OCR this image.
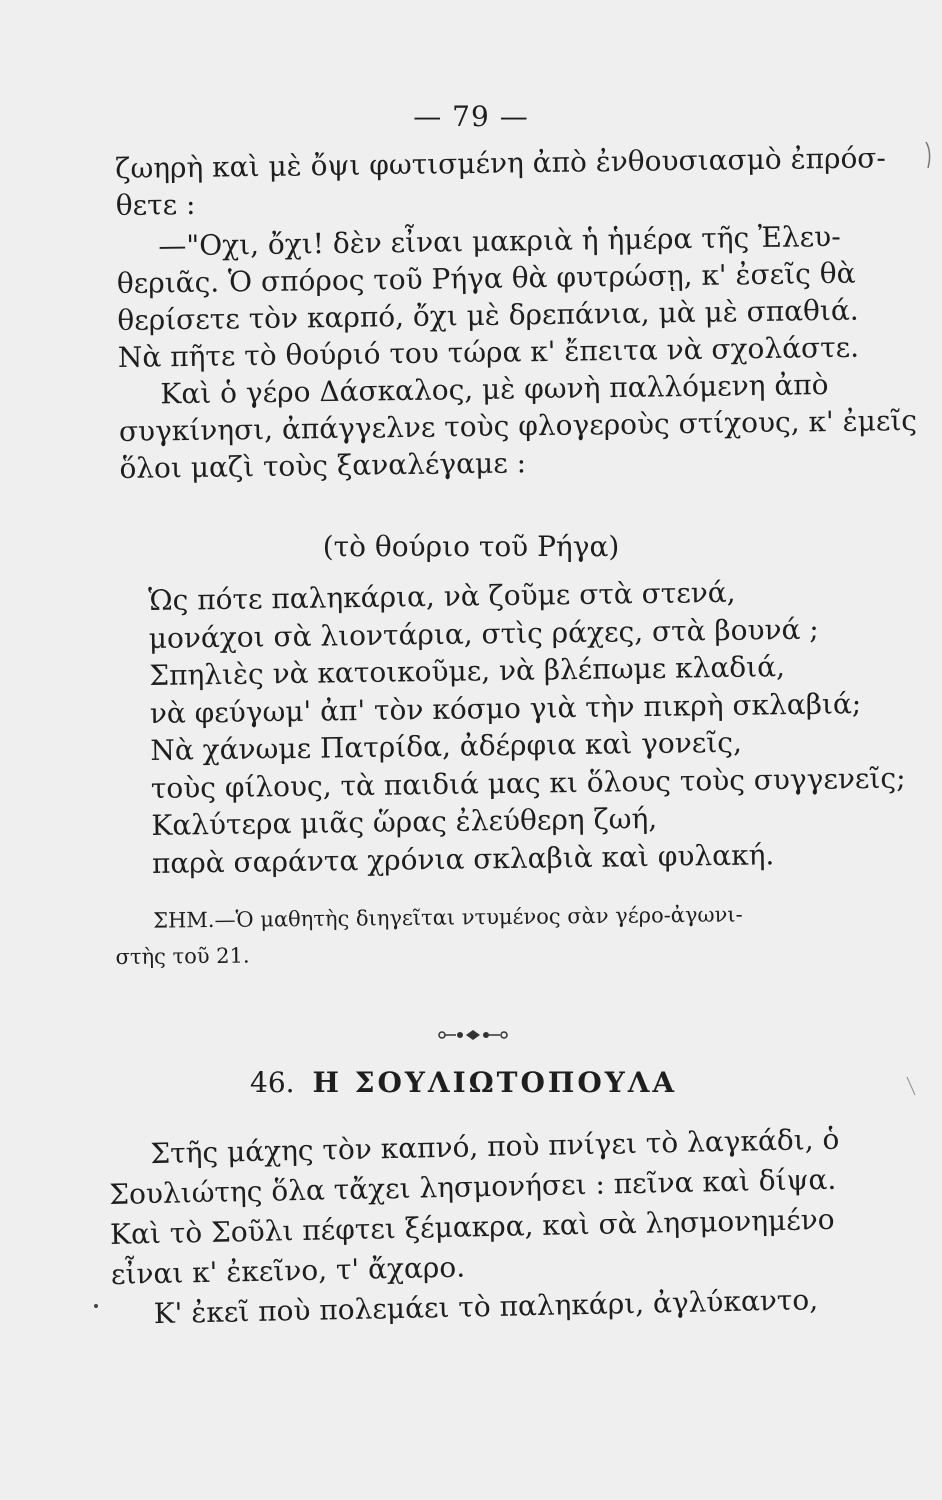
— 79 —
ζωηρὴ καὶ μὲ ὄψι φωτισμένη ἀπὸ ἐνθουσιασμὸ ἐπρόσ-
θετε :
—"Οχι, ὄχι! δὲν εἶναι μακριὰ ἡ ἡμέρα τῆς Ἐλευ-
θεριᾶς. Ὁ σπόρος τοῦ Ρήγα θὰ φυτρώσῃ, κ' ἐσεῖς θὰ
θερίσετε τὸν καρπό, ὄχι μὲ δρεπάνια, μὰ μὲ σπαθιά.
Νὰ πῆτε τὸ θούριό του τώρα κ' ἔπειτα νὰ σχολάστε.
Καὶ ὁ γέρο Δάσκαλος, μὲ φωνὴ παλλόμενη ἀπὸ
συγκίνησι, ἀπάγγελνε τοὺς φλογεροὺς στίχους, κ' ἐμεῖς
ὅλοι μαζὶ τοὺς ξαναλέγαμε :
(τὸ θούριο τοῦ Ρήγα)
Ὡς πότε παληκάρια, νὰ ζοῦμε στὰ στενά,
μονάχοι σὰ λιοντάρια, στὶς ράχες, στὰ βουνά ;
Σπηλιὲς νὰ κατοικοῦμε, νὰ βλέπωμε κλαδιά,
νὰ φεύγωμ' ἀπ' τὸν κόσμο γιὰ τὴν πικρὴ σκλαβιά;
Νὰ χάνωμε Πατρίδα, ἀδέρφια καὶ γονεῖς,
τοὺς φίλους, τὰ παιδιά μας κι ὅλους τοὺς συγγενεῖς;
Καλύτερα μιᾶς ὥρας ἐλεύθερη ζωή,
παρὰ σαράντα χρόνια σκλαβιὰ καὶ φυλακή.
ΣΗΜ.—Ὁ μαθητὴς διηγεῖται ντυμένος σὰν γέρο-ἀγωνι-
στὴς τοῦ 21.
46. Η ΣΟΥΛΙΩΤΟΠΟΥΛΑ
Στῆς μάχης τὸν καπνό, ποὺ πνίγει τὸ λαγκάδι, ὁ
Σουλιώτης ὅλα τἄχει λησμονήσει : πεῖνα καὶ δίψα.
Καὶ τὸ Σοῦλι πέφτει ξέμακρα, καὶ σὰ λησμονημένο
εἶναι κ' ἐκεῖνο, τ' ἄχαρο.
Κ' ἐκεῖ ποὺ πολεμάει τὸ παληκάρι, ἀγλύκαντο,
